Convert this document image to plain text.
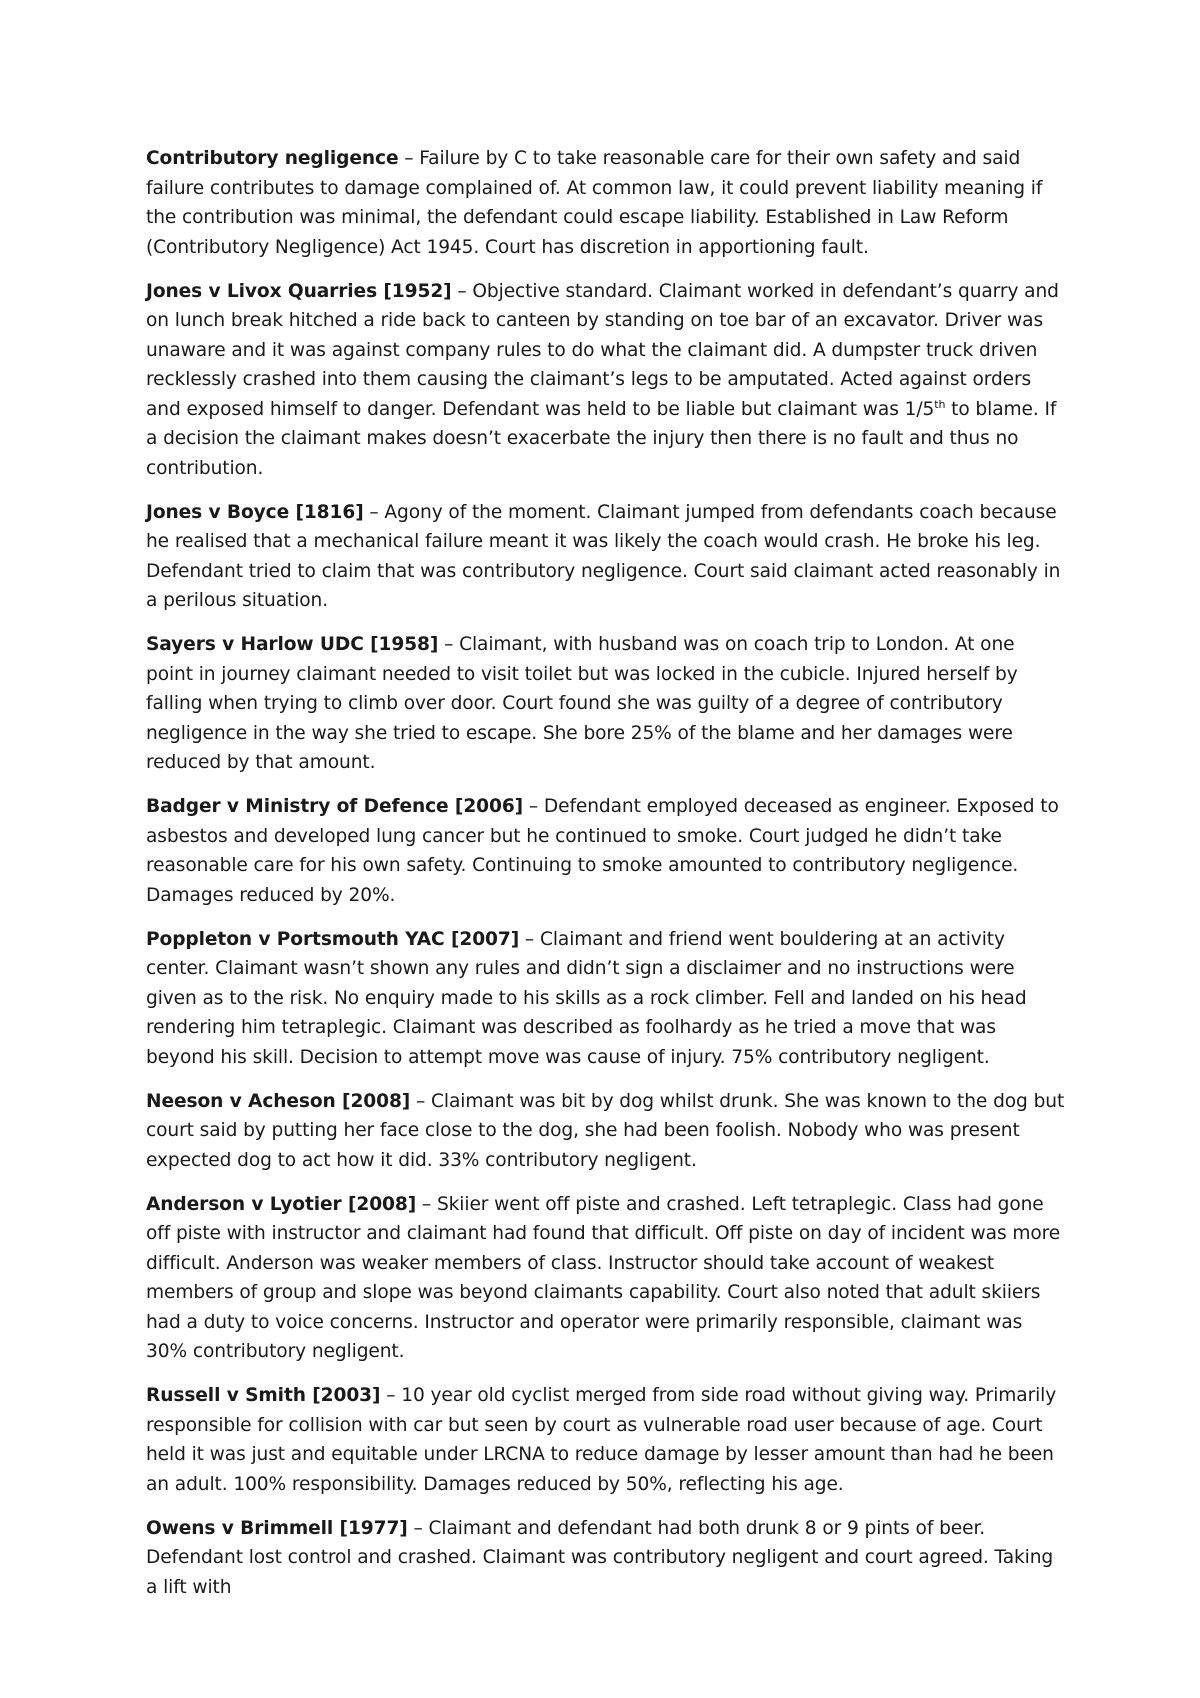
Contributory negligence – Failure by C to take reasonable care for their own safety and said failure contributes to damage complained of. At common law, it could prevent liability meaning if the contribution was minimal, the defendant could escape liability. Established in Law Reform (Contributory Negligence) Act 1945. Court has discretion in apportioning fault.

Jones v Livox Quarries [1952] – Objective standard. Claimant worked in defendant’s quarry and on lunch break hitched a ride back to canteen by standing on toe bar of an excavator. Driver was unaware and it was against company rules to do what the claimant did. A dumpster truck driven recklessly crashed into them causing the claimant’s legs to be amputated. Acted against orders and exposed himself to danger. Defendant was held to be liable but claimant was 1/5th to blame. If a decision the claimant makes doesn’t exacerbate the injury then there is no fault and thus no contribution.

Jones v Boyce [1816] – Agony of the moment. Claimant jumped from defendants coach because he realised that a mechanical failure meant it was likely the coach would crash. He broke his leg. Defendant tried to claim that was contributory negligence. Court said claimant acted reasonably in a perilous situation.

Sayers v Harlow UDC [1958] – Claimant, with husband was on coach trip to London. At one point in journey claimant needed to visit toilet but was locked in the cubicle. Injured herself by falling when trying to climb over door. Court found she was guilty of a degree of contributory negligence in the way she tried to escape. She bore 25% of the blame and her damages were reduced by that amount.

Badger v Ministry of Defence [2006] – Defendant employed deceased as engineer. Exposed to asbestos and developed lung cancer but he continued to smoke. Court judged he didn’t take reasonable care for his own safety. Continuing to smoke amounted to contributory negligence. Damages reduced by 20%.

Poppleton v Portsmouth YAC [2007] – Claimant and friend went bouldering at an activity center. Claimant wasn’t shown any rules and didn’t sign a disclaimer and no instructions were given as to the risk. No enquiry made to his skills as a rock climber. Fell and landed on his head rendering him tetraplegic. Claimant was described as foolhardy as he tried a move that was beyond his skill. Decision to attempt move was cause of injury. 75% contributory negligent.

Neeson v Acheson [2008] – Claimant was bit by dog whilst drunk. She was known to the dog but court said by putting her face close to the dog, she had been foolish. Nobody who was present expected dog to act how it did. 33% contributory negligent.

Anderson v Lyotier [2008] – Skiier went off piste and crashed. Left tetraplegic. Class had gone off piste with instructor and claimant had found that difficult. Off piste on day of incident was more difficult. Anderson was weaker members of class. Instructor should take account of weakest members of group and slope was beyond claimants capability. Court also noted that adult skiiers had a duty to voice concerns. Instructor and operator were primarily responsible, claimant was 30% contributory negligent.

Russell v Smith [2003] – 10 year old cyclist merged from side road without giving way. Primarily responsible for collision with car but seen by court as vulnerable road user because of age. Court held it was just and equitable under LRCNA to reduce damage by lesser amount than had he been an adult. 100% responsibility. Damages reduced by 50%, reflecting his age.

Owens v Brimmell [1977] – Claimant and defendant had both drunk 8 or 9 pints of beer. Defendant lost control and crashed. Claimant was contributory negligent and court agreed. Taking a lift with
